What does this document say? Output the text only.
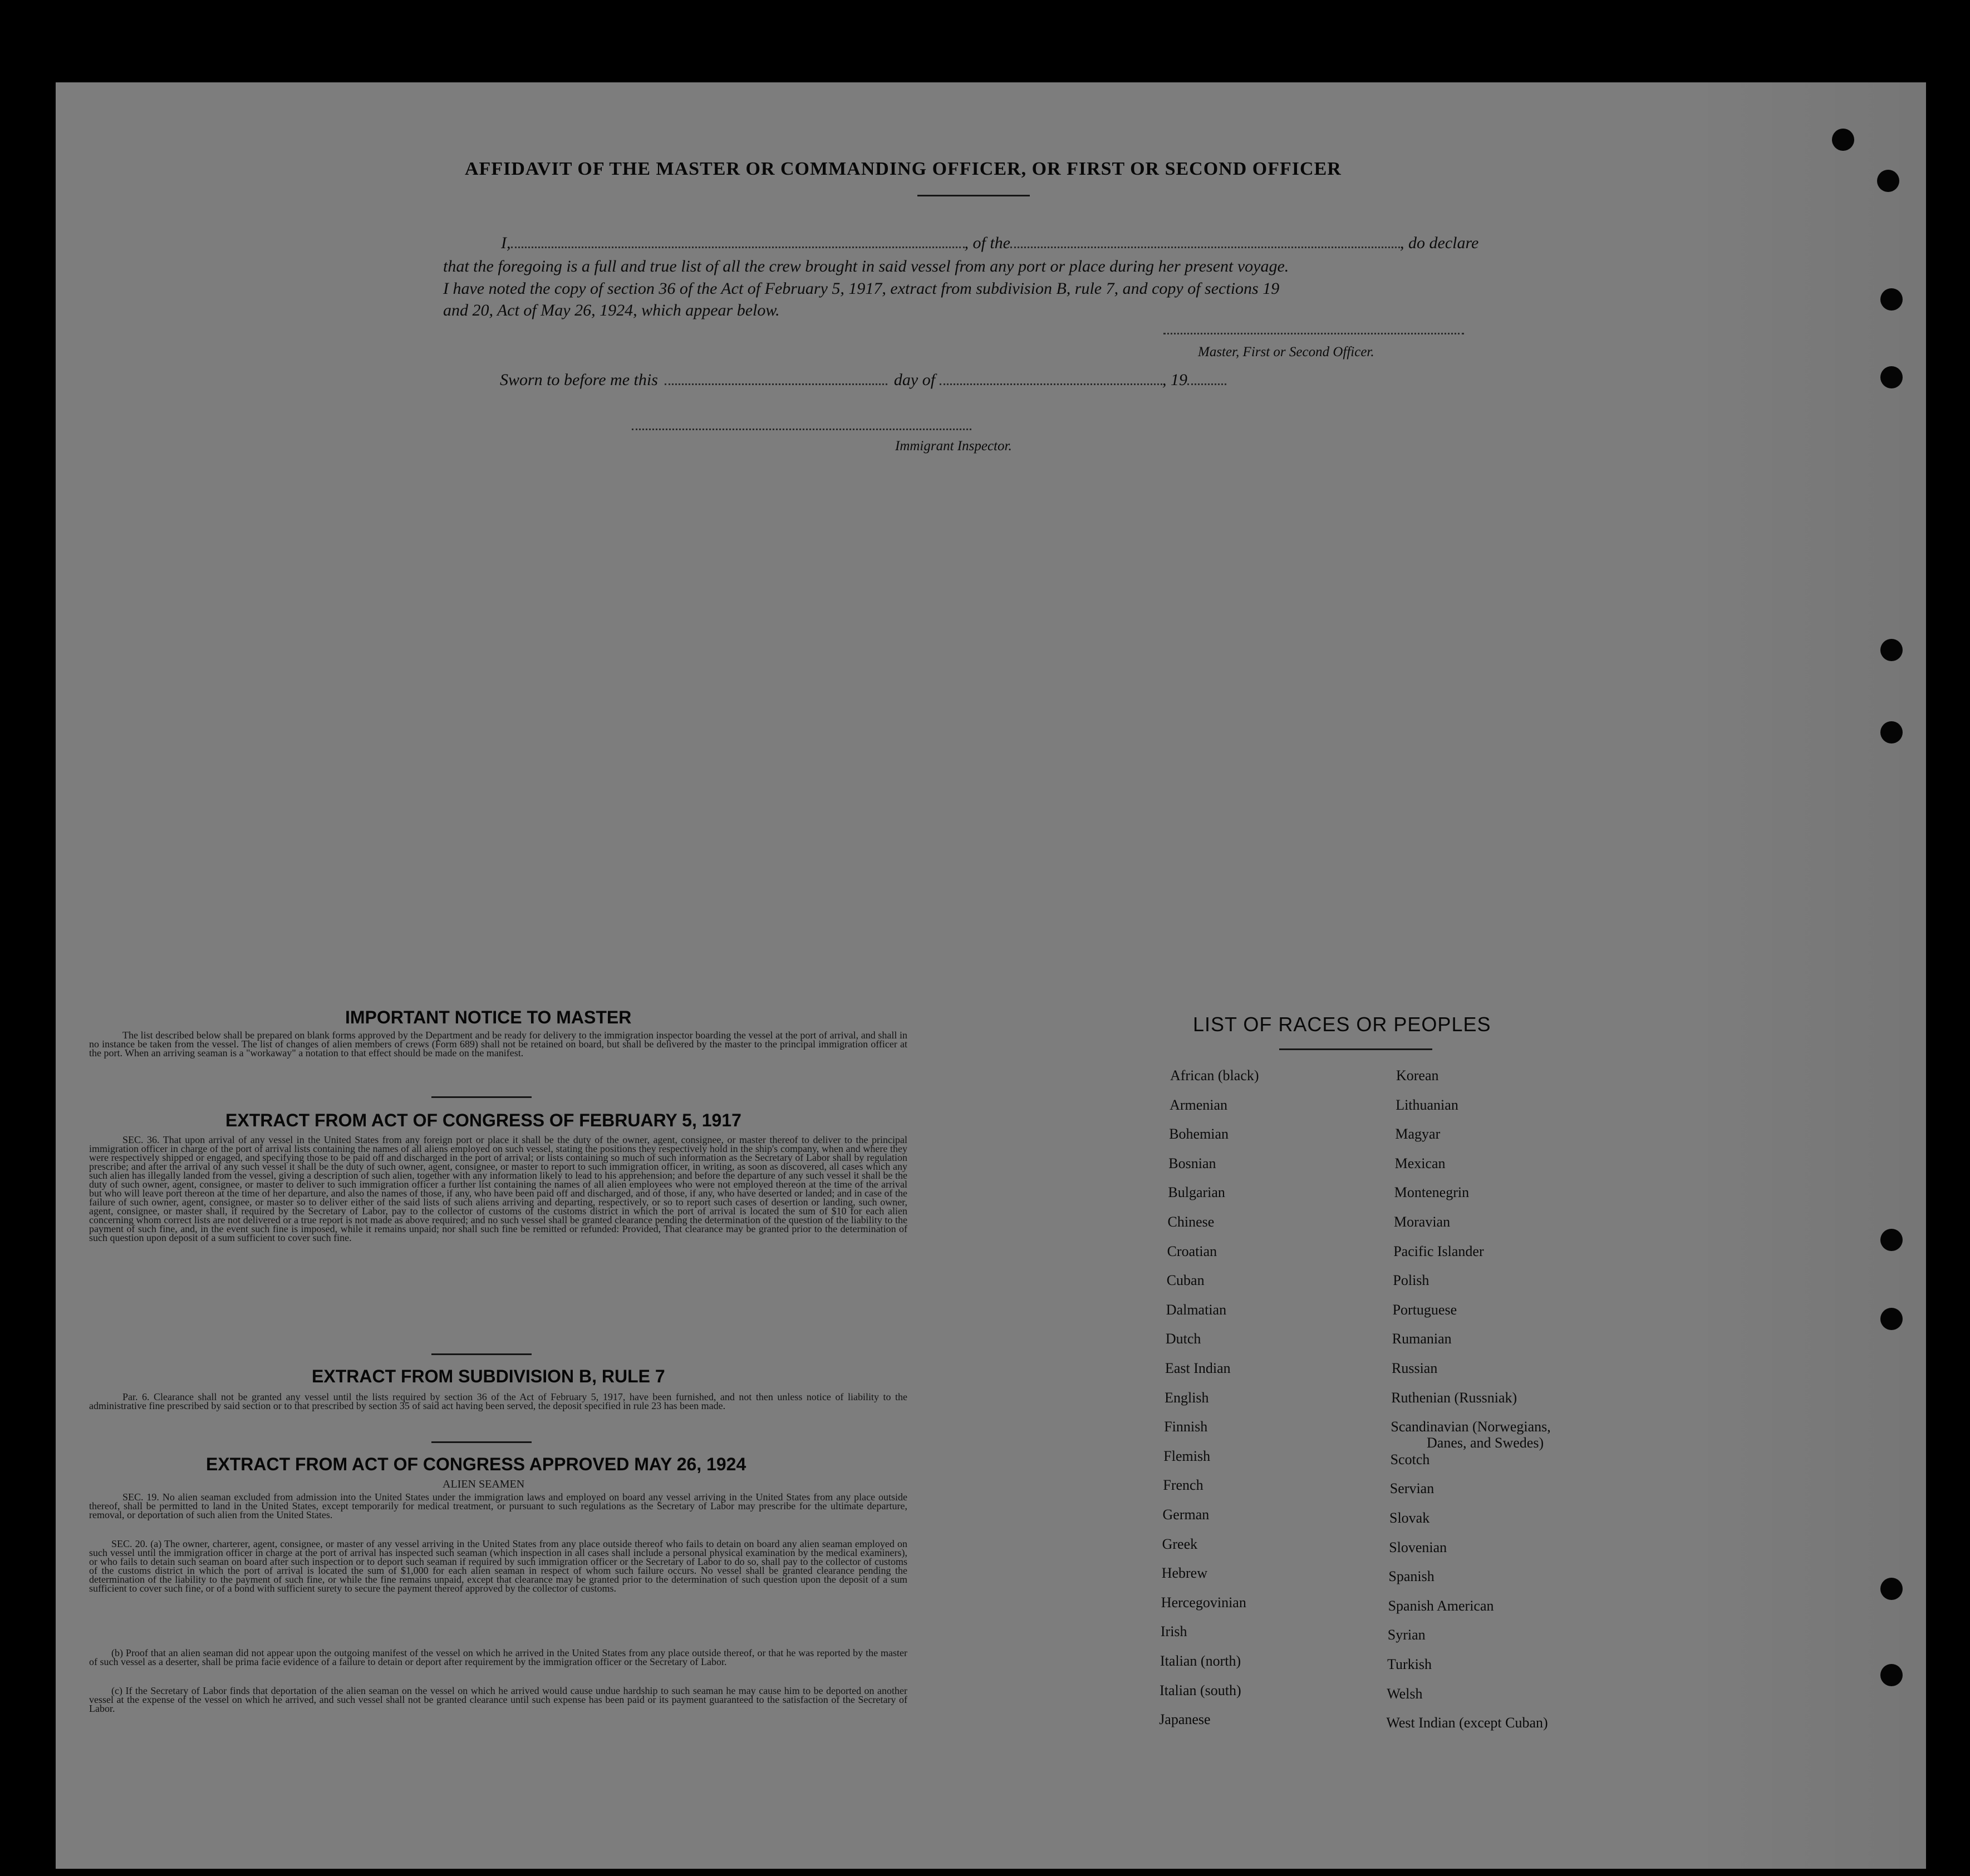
AFFIDAVIT OF THE MASTER OR COMMANDING OFFICER, OR FIRST OR SECOND OFFICER
I,	, of the	, do declare
that the foregoing is a full and true list of all the crew brought in said vessel from any port or place during her present voyage.
I have noted the copy of section 36 of the Act of February 5, 1917, extract from subdivision B, rule 7, and copy of sections 19
and 20, Act of May 26, 1924, which appear below.
Master, First or Second Officer.
Sworn to before me this	day of	, 19
Immigrant Inspector.
IMPORTANT NOTICE TO MASTER
The list described below shall be prepared on blank forms approved by the Department and be ready for delivery to the immigration inspector boarding the vessel at the port of arrival, and shall in no instance be taken from the vessel. The list of changes of alien members of crews (Form 689) shall not be retained on board, but shall be delivered by the master to the principal immigration officer at the port. When an arriving seaman is a "workaway" a notation to that effect should be made on the manifest.
EXTRACT FROM ACT OF CONGRESS OF FEBRUARY 5, 1917
SEC. 36. That upon arrival of any vessel in the United States from any foreign port or place it shall be the duty of the owner, agent, consignee, or master thereof to deliver to the principal immigration officer in charge of the port of arrival lists containing the names of all aliens employed on such vessel, stating the positions they respectively hold in the ship's company, when and where they were respectively shipped or engaged, and specifying those to be paid off and discharged in the port of arrival; or lists containing so much of such information as the Secretary of Labor shall by regulation prescribe; and after the arrival of any such vessel it shall be the duty of such owner, agent, consignee, or master to report to such immigration officer, in writing, as soon as discovered, all cases which any such alien has illegally landed from the vessel, giving a description of such alien, together with any information likely to lead to his apprehension; and before the departure of any such vessel it shall be the duty of such owner, agent, consignee, or master to deliver to such immigration officer a further list containing the names of all alien employees who were not employed thereon at the time of the arrival but who will leave port thereon at the time of her departure, and also the names of those, if any, who have been paid off and discharged, and of those, if any, who have deserted or landed; and in case of the failure of such owner, agent, consignee, or master so to deliver either of the said lists of such aliens arriving and departing, respectively, or so to report such cases of desertion or landing, such owner, agent, consignee, or master shall, if required by the Secretary of Labor, pay to the collector of customs of the customs district in which the port of arrival is located the sum of $10 for each alien concerning whom correct lists are not delivered or a true report is not made as above required; and no such vessel shall be granted clearance pending the determination of the question of the liability to the payment of such fine, and, in the event such fine is imposed, while it remains unpaid; nor shall such fine be remitted or refunded: Provided, That clearance may be granted prior to the determination of such question upon deposit of a sum sufficient to cover such fine.
EXTRACT FROM SUBDIVISION B, RULE 7
Par. 6. Clearance shall not be granted any vessel until the lists required by section 36 of the Act of February 5, 1917, have been furnished, and not then unless notice of liability to the administrative fine prescribed by said section or to that prescribed by section 35 of said act having been served, the deposit specified in rule 23 has been made.
EXTRACT FROM ACT OF CONGRESS APPROVED MAY 26, 1924
ALIEN SEAMEN
SEC. 19. No alien seaman excluded from admission into the United States under the immigration laws and employed on board any vessel arriving in the United States from any place outside thereof, shall be permitted to land in the United States, except temporarily for medical treatment, or pursuant to such regulations as the Secretary of Labor may prescribe for the ultimate departure, removal, or deportation of such alien from the United States.
SEC. 20. (a) The owner, charterer, agent, consignee, or master of any vessel arriving in the United States from any place outside thereof who fails to detain on board any alien seaman employed on such vessel until the immigration officer in charge at the port of arrival has inspected such seaman (which inspection in all cases shall include a personal physical examination by the medical examiners), or who fails to detain such seaman on board after such inspection or to deport such seaman if required by such immigration officer or the Secretary of Labor to do so, shall pay to the collector of customs of the customs district in which the port of arrival is located the sum of $1,000 for each alien seaman in respect of whom such failure occurs. No vessel shall be granted clearance pending the determination of the liability to the payment of such fine, or while the fine remains unpaid, except that clearance may be granted prior to the determination of such question upon the deposit of a sum sufficient to cover such fine, or of a bond with sufficient surety to secure the payment thereof approved by the collector of customs.
(b) Proof that an alien seaman did not appear upon the outgoing manifest of the vessel on which he arrived in the United States from any place outside thereof, or that he was reported by the master of such vessel as a deserter, shall be prima facie evidence of a failure to detain or deport after requirement by the immigration officer or the Secretary of Labor.
(c) If the Secretary of Labor finds that deportation of the alien seaman on the vessel on which he arrived would cause undue hardship to such seaman he may cause him to be deported on another vessel at the expense of the vessel on which he arrived, and such vessel shall not be granted clearance until such expense has been paid or its payment guaranteed to the satisfaction of the Secretary of Labor.
LIST OF RACES OR PEOPLES
African (black)
Armenian
Bohemian
Bosnian
Bulgarian
Chinese
Croatian
Cuban
Dalmatian
Dutch
East Indian
English
Finnish
Flemish
French
German
Greek
Hebrew
Hercegovinian
Irish
Italian (north)
Italian (south)
Japanese
Korean
Lithuanian
Magyar
Mexican
Montenegrin
Moravian
Pacific Islander
Polish
Portuguese
Rumanian
Russian
Ruthenian (Russniak)
Scandinavian (Norwegians,
Scotch
Servian
Slovak
Slovenian
Spanish
Spanish American
Syrian
Turkish
Welsh
West Indian (except Cuban)
Danes, and Swedes)
